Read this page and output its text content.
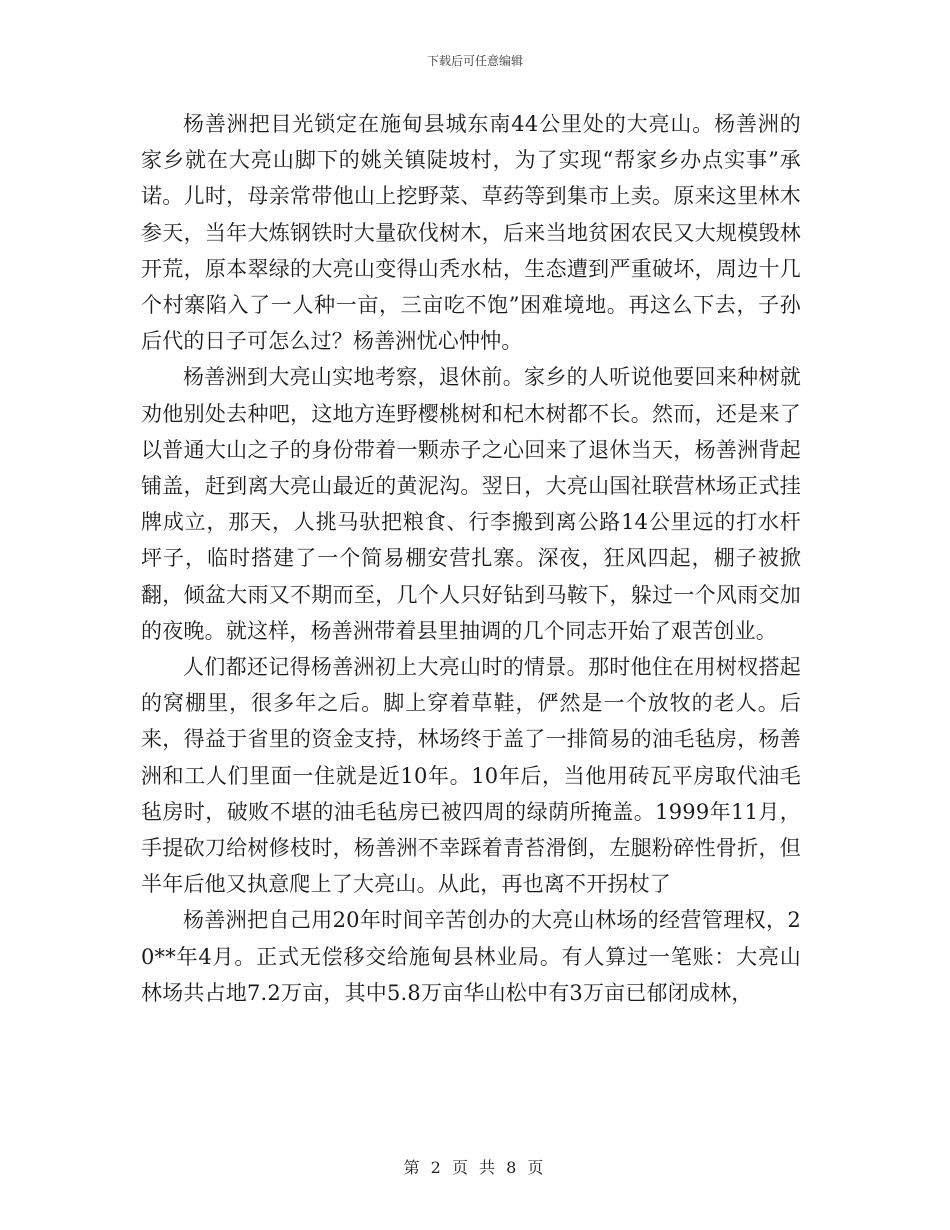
下载后可任意编辑

杨善洲把目光锁定在施甸县城东南44公里处的大亮山。杨善洲的家乡就在大亮山脚下的姚关镇陡坡村，为了实现“帮家乡办点实事”承诺。儿时，母亲常带他山上挖野菜、草药等到集市上卖。原来这里林木参天，当年大炼钢铁时大量砍伐树木，后来当地贫困农民又大规模毁林开荒，原本翠绿的大亮山变得山秃水枯，生态遭到严重破坏，周边十几个村寨陷入了一人种一亩，三亩吃不饱”困难境地。再这么下去，子孙后代的日子可怎么过？杨善洲忧心忡忡。

杨善洲到大亮山实地考察，退休前。家乡的人听说他要回来种树就劝他别处去种吧，这地方连野樱桃树和杞木树都不长。然而，还是来了以普通大山之子的身份带着一颗赤子之心回来了退休当天，杨善洲背起铺盖，赶到离大亮山最近的黄泥沟。翌日，大亮山国社联营林场正式挂牌成立，那天，人挑马驮把粮食、行李搬到离公路14公里远的打水杆坪子，临时搭建了一个简易棚安营扎寨。深夜，狂风四起，棚子被掀翻，倾盆大雨又不期而至，几个人只好钻到马鞍下，躲过一个风雨交加的夜晚。就这样，杨善洲带着县里抽调的几个同志开始了艰苦创业。

人们都还记得杨善洲初上大亮山时的情景。那时他住在用树杈搭起的窝棚里，很多年之后。脚上穿着草鞋，俨然是一个放牧的老人。后来，得益于省里的资金支持，林场终于盖了一排简易的油毛毡房，杨善洲和工人们里面一住就是近10年。10年后，当他用砖瓦平房取代油毛毡房时，破败不堪的油毛毡房已被四周的绿荫所掩盖。1999年11月，手提砍刀给树修枝时，杨善洲不幸踩着青苔滑倒，左腿粉碎性骨折，但半年后他又执意爬上了大亮山。从此，再也离不开拐杖了

杨善洲把自己用20年时间辛苦创办的大亮山林场的经营管理权，20**年4月。正式无偿移交给施甸县林业局。有人算过一笔账：大亮山林场共占地7.2万亩，其中5.8万亩华山松中有3万亩已郁闭成林，

第 2 页 共 8 页
